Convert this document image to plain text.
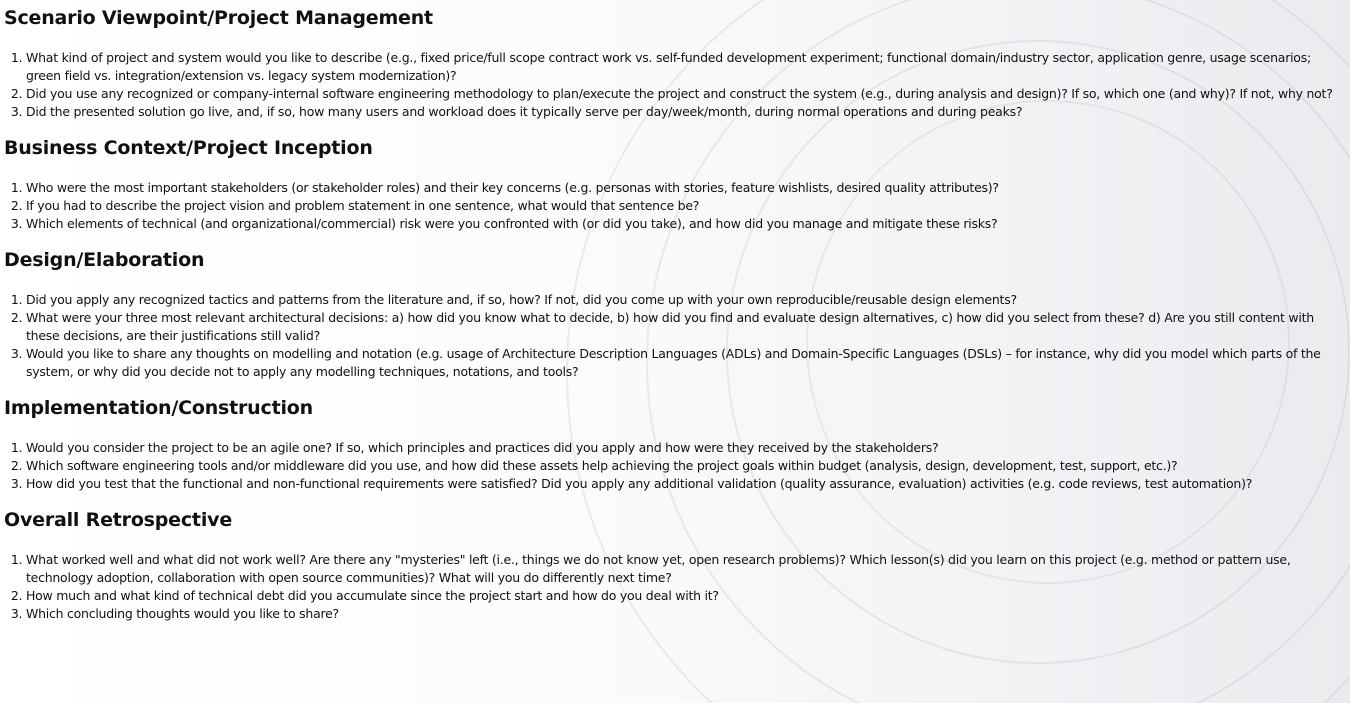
Scenario Viewpoint/Project Management
1. What kind of project and system would you like to describe (e.g., fixed price/full scope contract work vs. self-funded development experiment; functional domain/industry sector, application genre, usage scenarios; green field vs. integration/extension vs. legacy system modernization)?
2. Did you use any recognized or company-internal software engineering methodology to plan/execute the project and construct the system (e.g., during analysis and design)? If so, which one (and why)? If not, why not?
3. Did the presented solution go live, and, if so, how many users and workload does it typically serve per day/week/month, during normal operations and during peaks?
Business Context/Project Inception
1. Who were the most important stakeholders (or stakeholder roles) and their key concerns (e.g. personas with stories, feature wishlists, desired quality attributes)?
2. If you had to describe the project vision and problem statement in one sentence, what would that sentence be?
3. Which elements of technical (and organizational/commercial) risk were you confronted with (or did you take), and how did you manage and mitigate these risks?
Design/Elaboration
1. Did you apply any recognized tactics and patterns from the literature and, if so, how? If not, did you come up with your own reproducible/reusable design elements?
2. What were your three most relevant architectural decisions: a) how did you know what to decide, b) how did you find and evaluate design alternatives, c) how did you select from these? d) Are you still content with these decisions, are their justifications still valid?
3. Would you like to share any thoughts on modelling and notation (e.g. usage of Architecture Description Languages (ADLs) and Domain-Specific Languages (DSLs) – for instance, why did you model which parts of the system, or why did you decide not to apply any modelling techniques, notations, and tools?
Implementation/Construction
1. Would you consider the project to be an agile one? If so, which principles and practices did you apply and how were they received by the stakeholders?
2. Which software engineering tools and/or middleware did you use, and how did these assets help achieving the project goals within budget (analysis, design, development, test, support, etc.)?
3. How did you test that the functional and non-functional requirements were satisfied? Did you apply any additional validation (quality assurance, evaluation) activities (e.g. code reviews, test automation)?
Overall Retrospective
1. What worked well and what did not work well? Are there any "mysteries" left (i.e., things we do not know yet, open research problems)? Which lesson(s) did you learn on this project (e.g. method or pattern use, technology adoption, collaboration with open source communities)? What will you do differently next time?
2. How much and what kind of technical debt did you accumulate since the project start and how do you deal with it?
3. Which concluding thoughts would you like to share?
